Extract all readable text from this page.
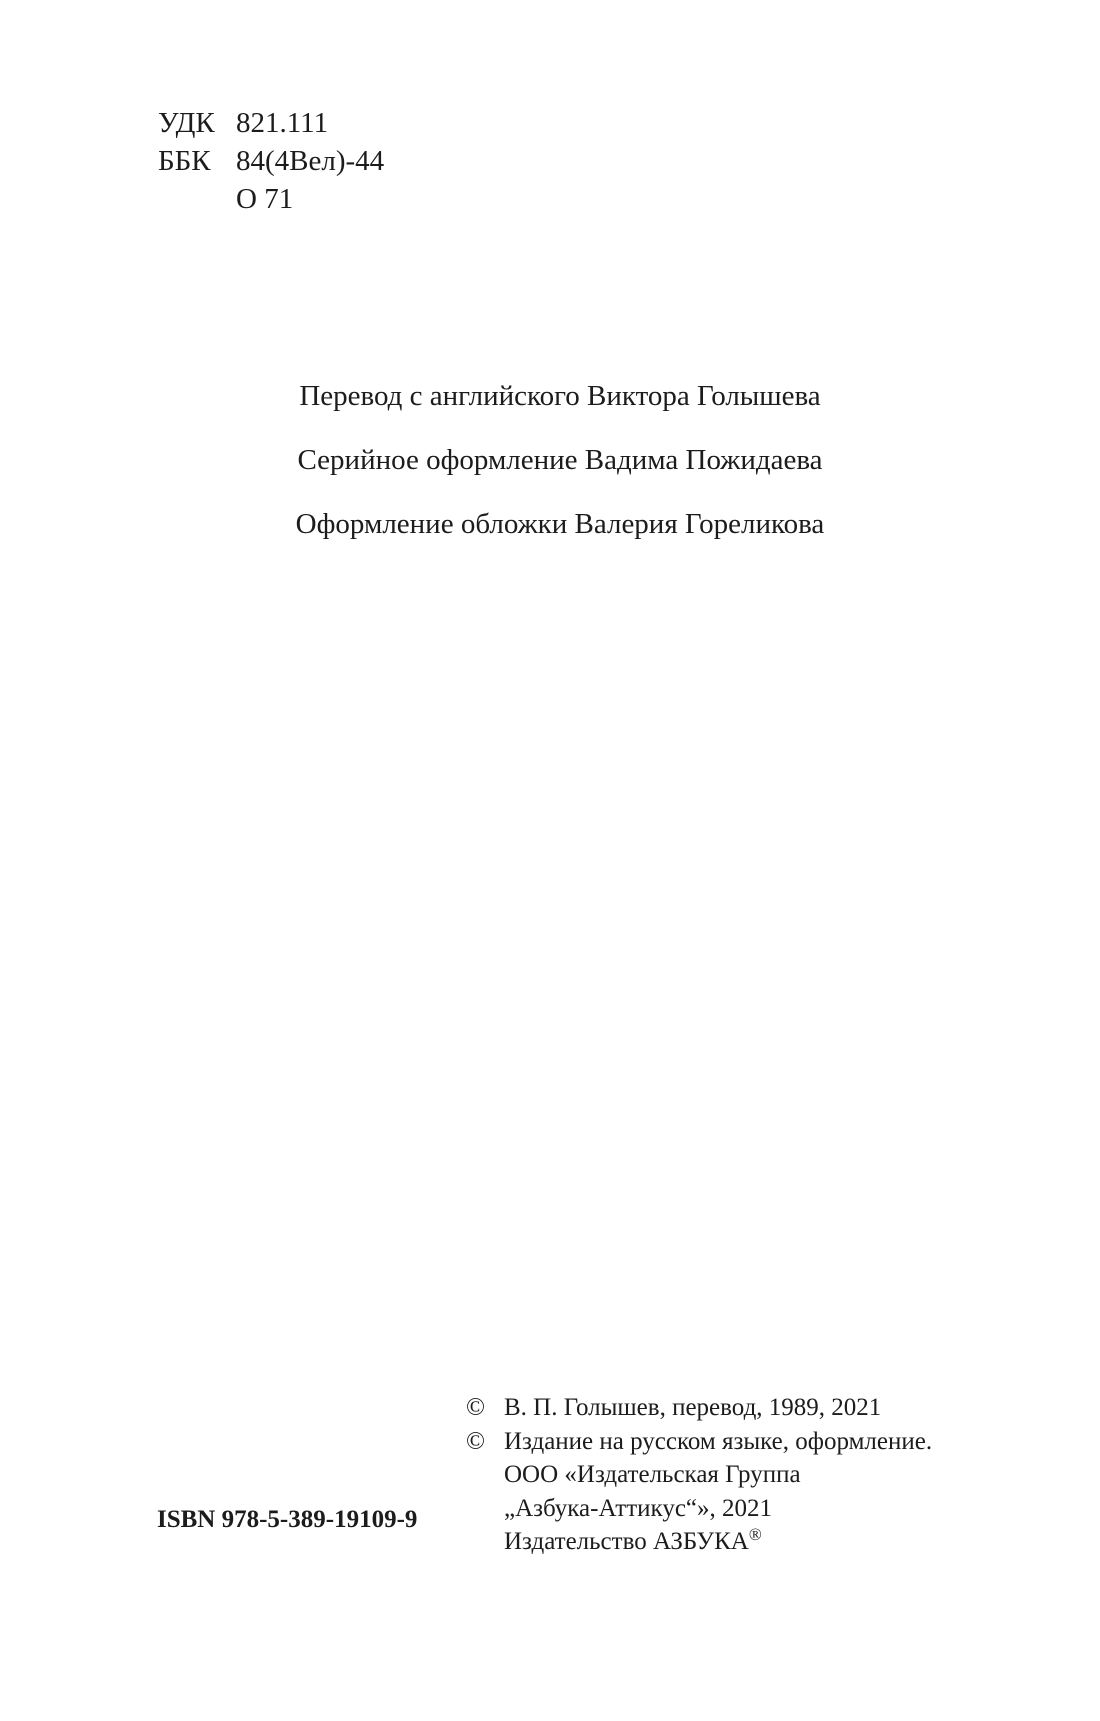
УДК 821.111
ББК 84(4Вел)-44
О 71
Перевод с английского Виктора Голышева
Серийное оформление Вадима Пожидаева
Оформление обложки Валерия Гореликова
ISBN 978-5-389-19109-9
© В. П. Голышев, перевод, 1989, 2021
© Издание на русском языке, оформление.
ООО «Издательская Группа
„Азбука-Аттикус“», 2021
Издательство АЗБУКА®
